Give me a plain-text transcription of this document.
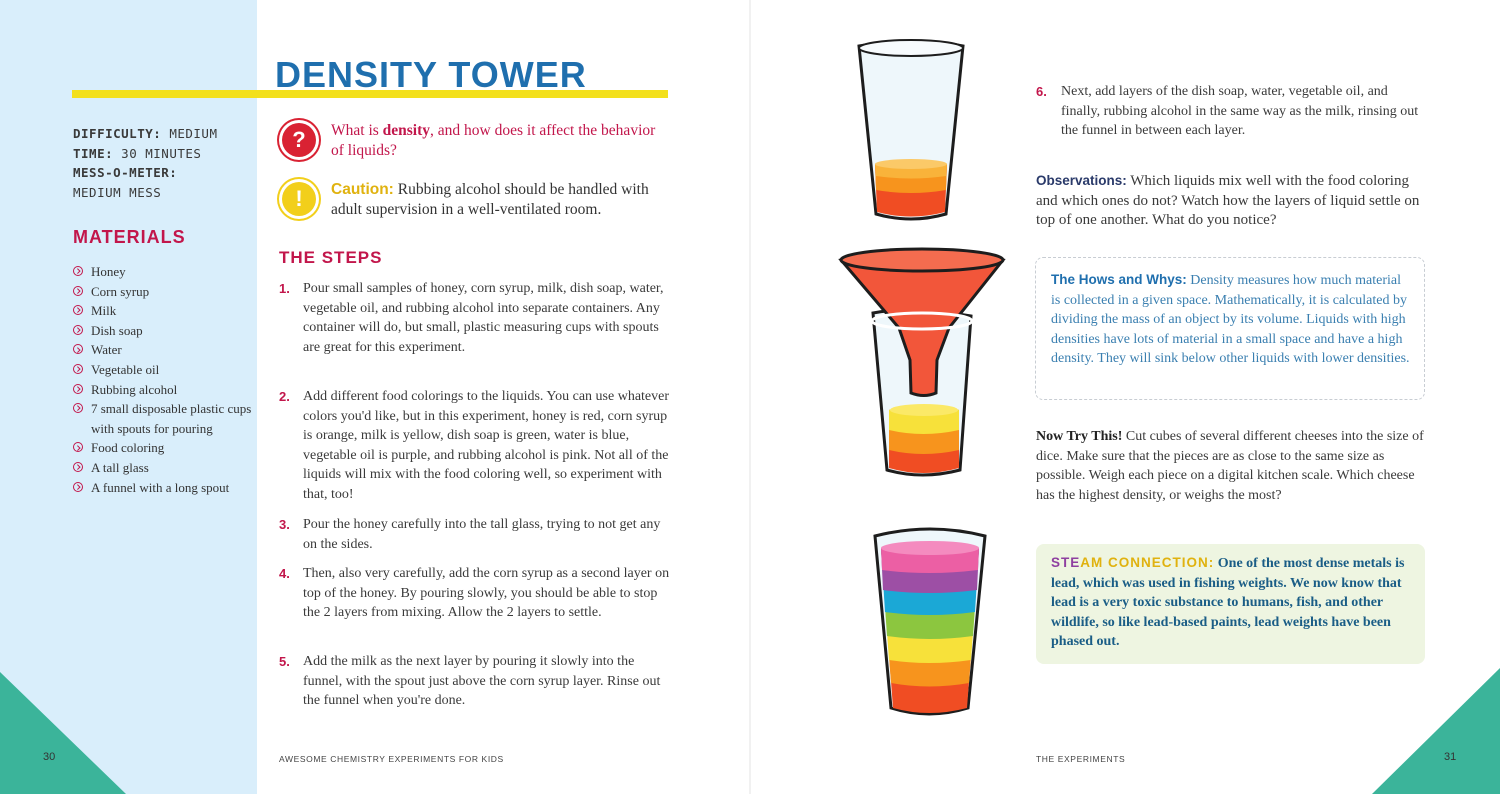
DENSITY TOWER
DIFFICULTY: MEDIUM
TIME: 30 MINUTES
MESS-O-METER:
MEDIUM MESS
MATERIALS
Honey
Corn syrup
Milk
Dish soap
Water
Vegetable oil
Rubbing alcohol
7 small disposable plastic cups with spouts for pouring
Food coloring
A tall glass
A funnel with a long spout
?	What is density, and how does it affect the behavior of liquids?
!	Caution: Rubbing alcohol should be handled with adult supervision in a well-ventilated room.
THE STEPS
1. Pour small samples of honey, corn syrup, milk, dish soap, water, vegetable oil, and rubbing alcohol into separate containers. Any container will do, but small, plastic measuring cups with spouts are great for this experiment.
2. Add different food colorings to the liquids. You can use whatever colors you'd like, but in this experiment, honey is red, corn syrup is orange, milk is yellow, dish soap is green, water is blue, vegetable oil is purple, and rubbing alcohol is pink. Not all of the liquids will mix with the food coloring well, so experiment with that, too!
3. Pour the honey carefully into the tall glass, trying to not get any on the sides.
4. Then, also very carefully, add the corn syrup as a second layer on top of the honey. By pouring slowly, you should be able to stop the 2 layers from mixing. Allow the 2 layers to settle.
5. Add the milk as the next layer by pouring it slowly into the funnel, with the spout just above the corn syrup layer. Rinse out the funnel when you're done.
30	AWESOME CHEMISTRY EXPERIMENTS FOR KIDS
6. Next, add layers of the dish soap, water, vegetable oil, and finally, rubbing alcohol in the same way as the milk, rinsing out the funnel in between each layer.
Observations: Which liquids mix well with the food coloring and which ones do not? Watch how the layers of liquid settle on top of one another. What do you notice?
The Hows and Whys: Density measures how much material is collected in a given space. Mathematically, it is calculated by dividing the mass of an object by its volume. Liquids with high densities have lots of material in a small space and have a high density. They will sink below other liquids with lower densities.
Now Try This! Cut cubes of several different cheeses into the size of dice. Make sure that the pieces are as close to the same size as possible. Weigh each piece on a digital kitchen scale. Which cheese has the highest density, or weighs the most?
STEAM CONNECTION: One of the most dense metals is lead, which was used in fishing weights. We now know that lead is a very toxic substance to humans, fish, and other wildlife, so like lead-based paints, lead weights have been phased out.
THE EXPERIMENTS	31
